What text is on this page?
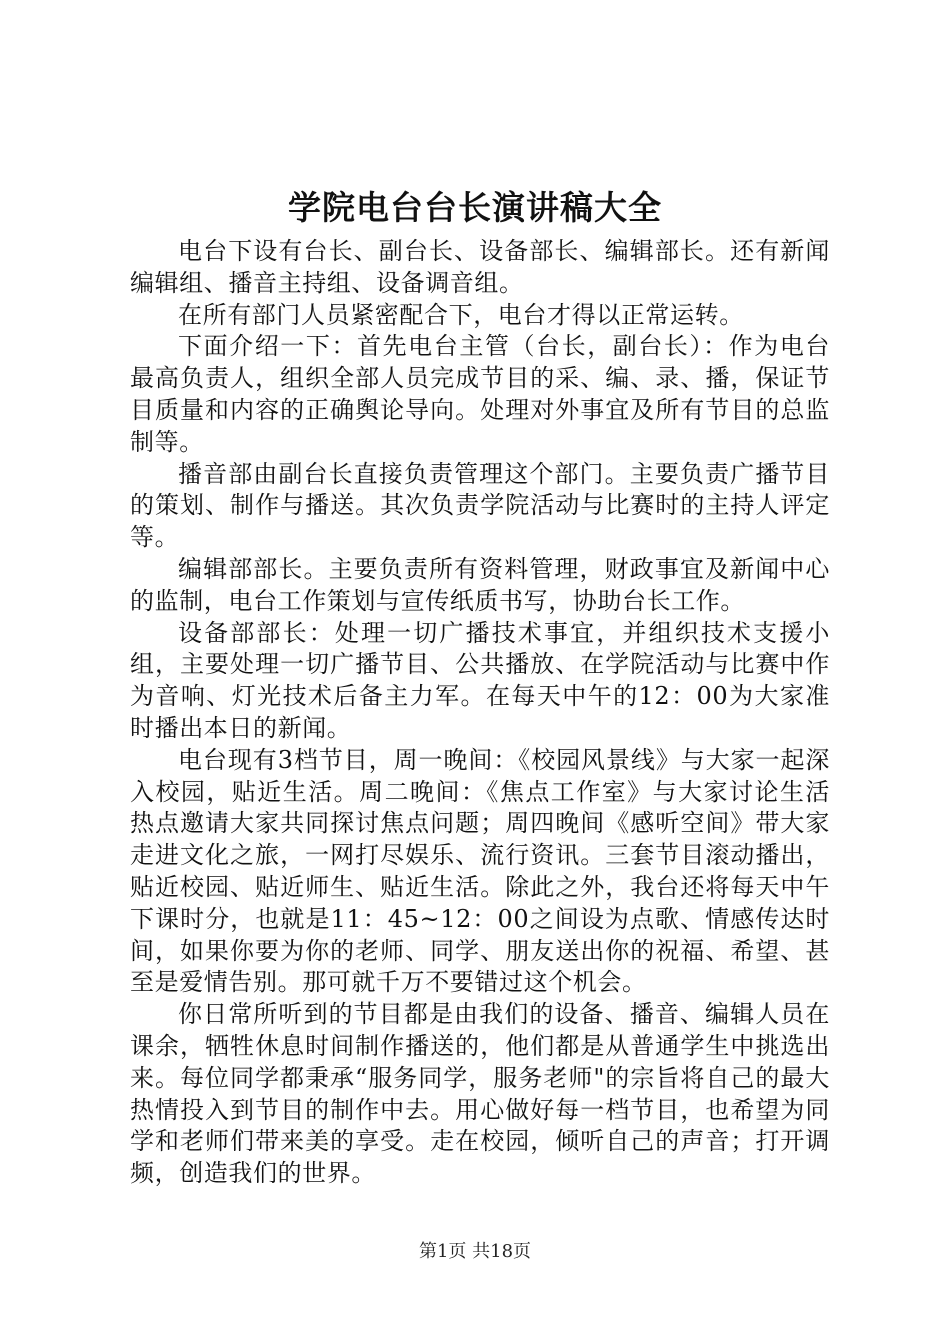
学院电台台长演讲稿大全

电台下设有台长、副台长、设备部长、编辑部长。还有新闻编辑组、播音主持组、设备调音组。

在所有部门人员紧密配合下，电台才得以正常运转。

下面介绍一下：首先电台主管（台长，副台长）：作为电台最高负责人，组织全部人员完成节目的采、编、录、播，保证节目质量和内容的正确舆论导向。处理对外事宜及所有节目的总监制等。

播音部由副台长直接负责管理这个部门。主要负责广播节目的策划、制作与播送。其次负责学院活动与比赛时的主持人评定等。

编辑部部长。主要负责所有资料管理，财政事宜及新闻中心的监制，电台工作策划与宣传纸质书写，协助台长工作。

设备部部长：处理一切广播技术事宜，并组织技术支援小组，主要处理一切广播节目、公共播放、在学院活动与比赛中作为音响、灯光技术后备主力军。在每天中午的12：00为大家准时播出本日的新闻。

电台现有3档节目，周一晚间：《校园风景线》与大家一起深入校园，贴近生活。周二晚间：《焦点工作室》与大家讨论生活热点邀请大家共同探讨焦点问题；周四晚间《感听空间》带大家走进文化之旅，一网打尽娱乐、流行资讯。三套节目滚动播出，贴近校园、贴近师生、贴近生活。除此之外，我台还将每天中午下课时分，也就是11：45~12：00之间设为点歌、情感传达时间，如果你要为你的老师、同学、朋友送出你的祝福、希望、甚至是爱情告别。那可就千万不要错过这个机会。

你日常所听到的节目都是由我们的设备、播音、编辑人员在课余，牺牲休息时间制作播送的，他们都是从普通学生中挑选出来。每位同学都秉承“服务同学，服务老师"的宗旨将自己的最大热情投入到节目的制作中去。用心做好每一档节目，也希望为同学和老师们带来美的享受。走在校园，倾听自己的声音；打开调频，创造我们的世界。

第1页 共18页
